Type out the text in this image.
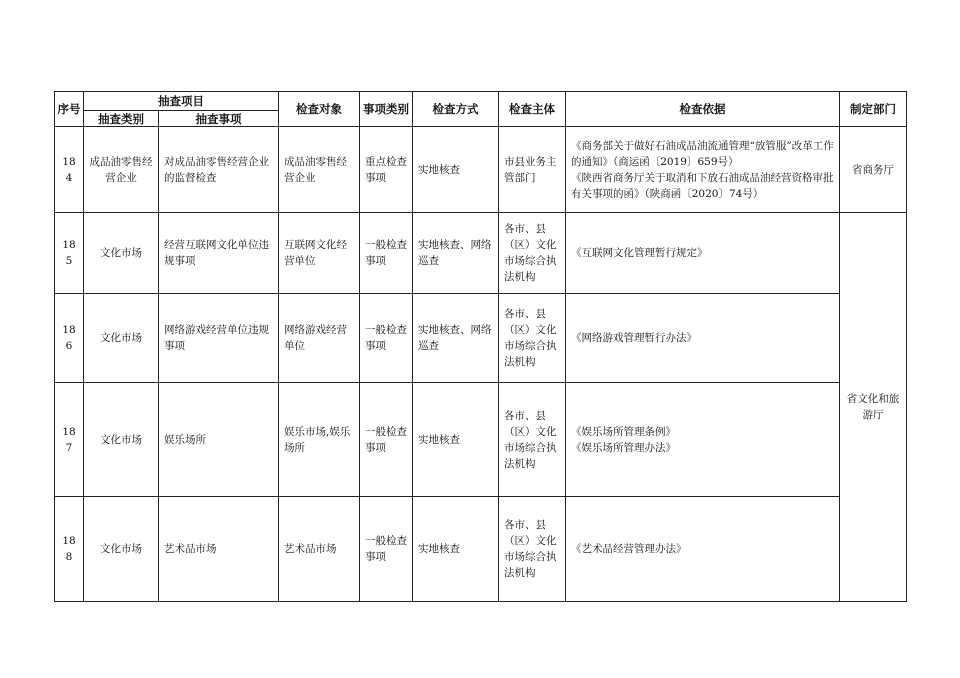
序号	抽查项目		检查对象	事项类别	检查方式	检查主体	检查依据	制定部门
	抽查类别	抽查事项						
184	成品油零售经营企业	对成品油零售经营企业的监督检查	成品油零售经营企业	重点检查事项	实地核查	市县业务主管部门	《商务部关于做好石油成品油流通管理“放管服”改革工作的通知》（商运函〔2019〕659号）
《陕西省商务厅关于取消和下放石油成品油经营资格审批有关事项的函》（陕商函〔2020〕74号）	省商务厅
185	文化市场	经营互联网文化单位违规事项	互联网文化经营单位	一般检查事项	实地核查、网络巡查	各市、县（区）文化市场综合执法机构	《互联网文化管理暂行规定》	省文化和旅游厅
186	文化市场	网络游戏经营单位违规事项	网络游戏经营单位	一般检查事项	实地核查、网络巡查	各市、县（区）文化市场综合执法机构	《网络游戏管理暂行办法》	

187	文化市场	娱乐场所	娱乐市场,娱乐场所	一般检查事项	实地核查	各市、县（区）文化市场综合执法机构	《娱乐场所管理条例》
《娱乐场所管理办法》	

188	文化市场	艺术品市场	艺术品市场	一般检查事项	实地核查	各市、县（区）文化市场综合执法机构	《艺术品经营管理办法》	
